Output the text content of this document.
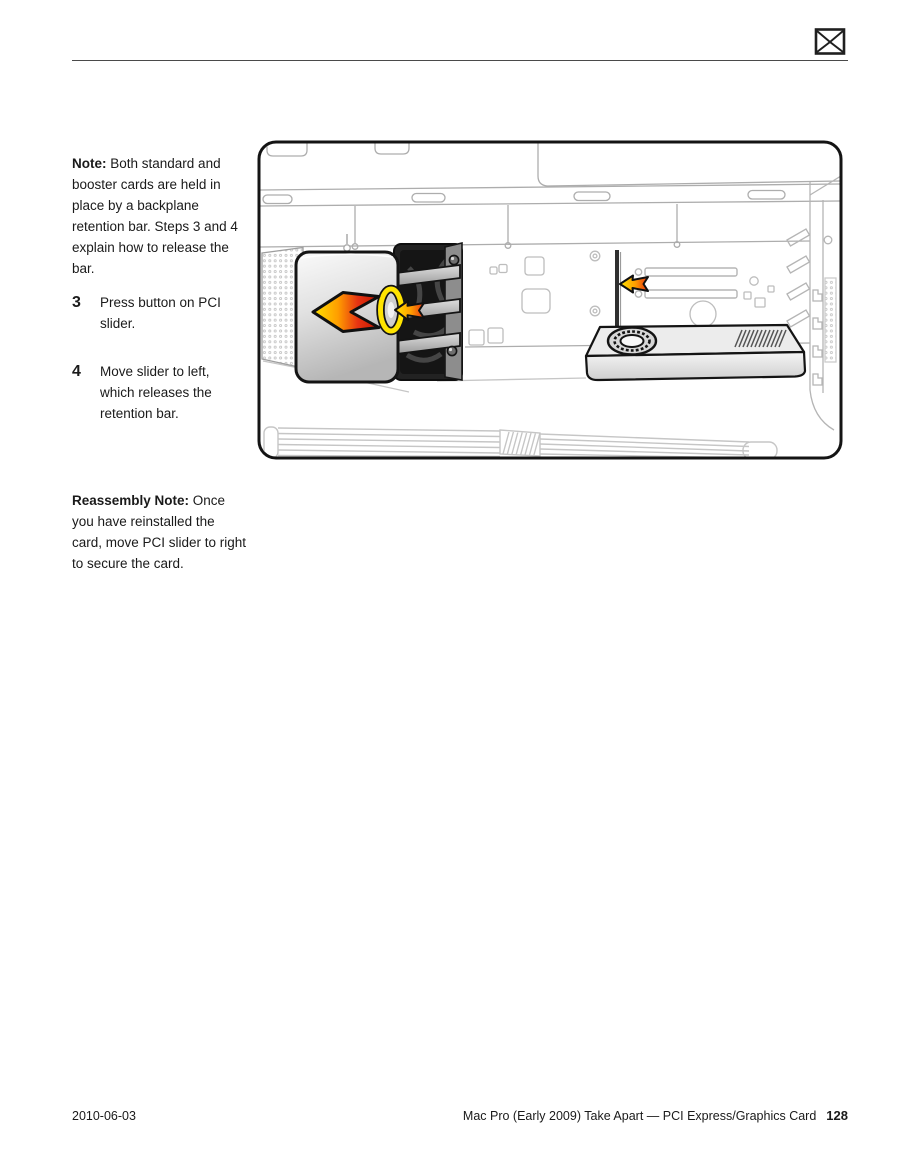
Note: Both standard and booster cards are held in place by a backplane retention bar. Steps 3 and 4 explain how to release the bar.

3	Press button on PCI slider.
4	Move slider to left, which releases the retention bar.

Reassembly Note: Once you have reinstalled the card, move PCI slider to right to secure the card.

2010-06-03	Mac Pro (Early 2009) Take Apart — PCI Express/Graphics Card 128
